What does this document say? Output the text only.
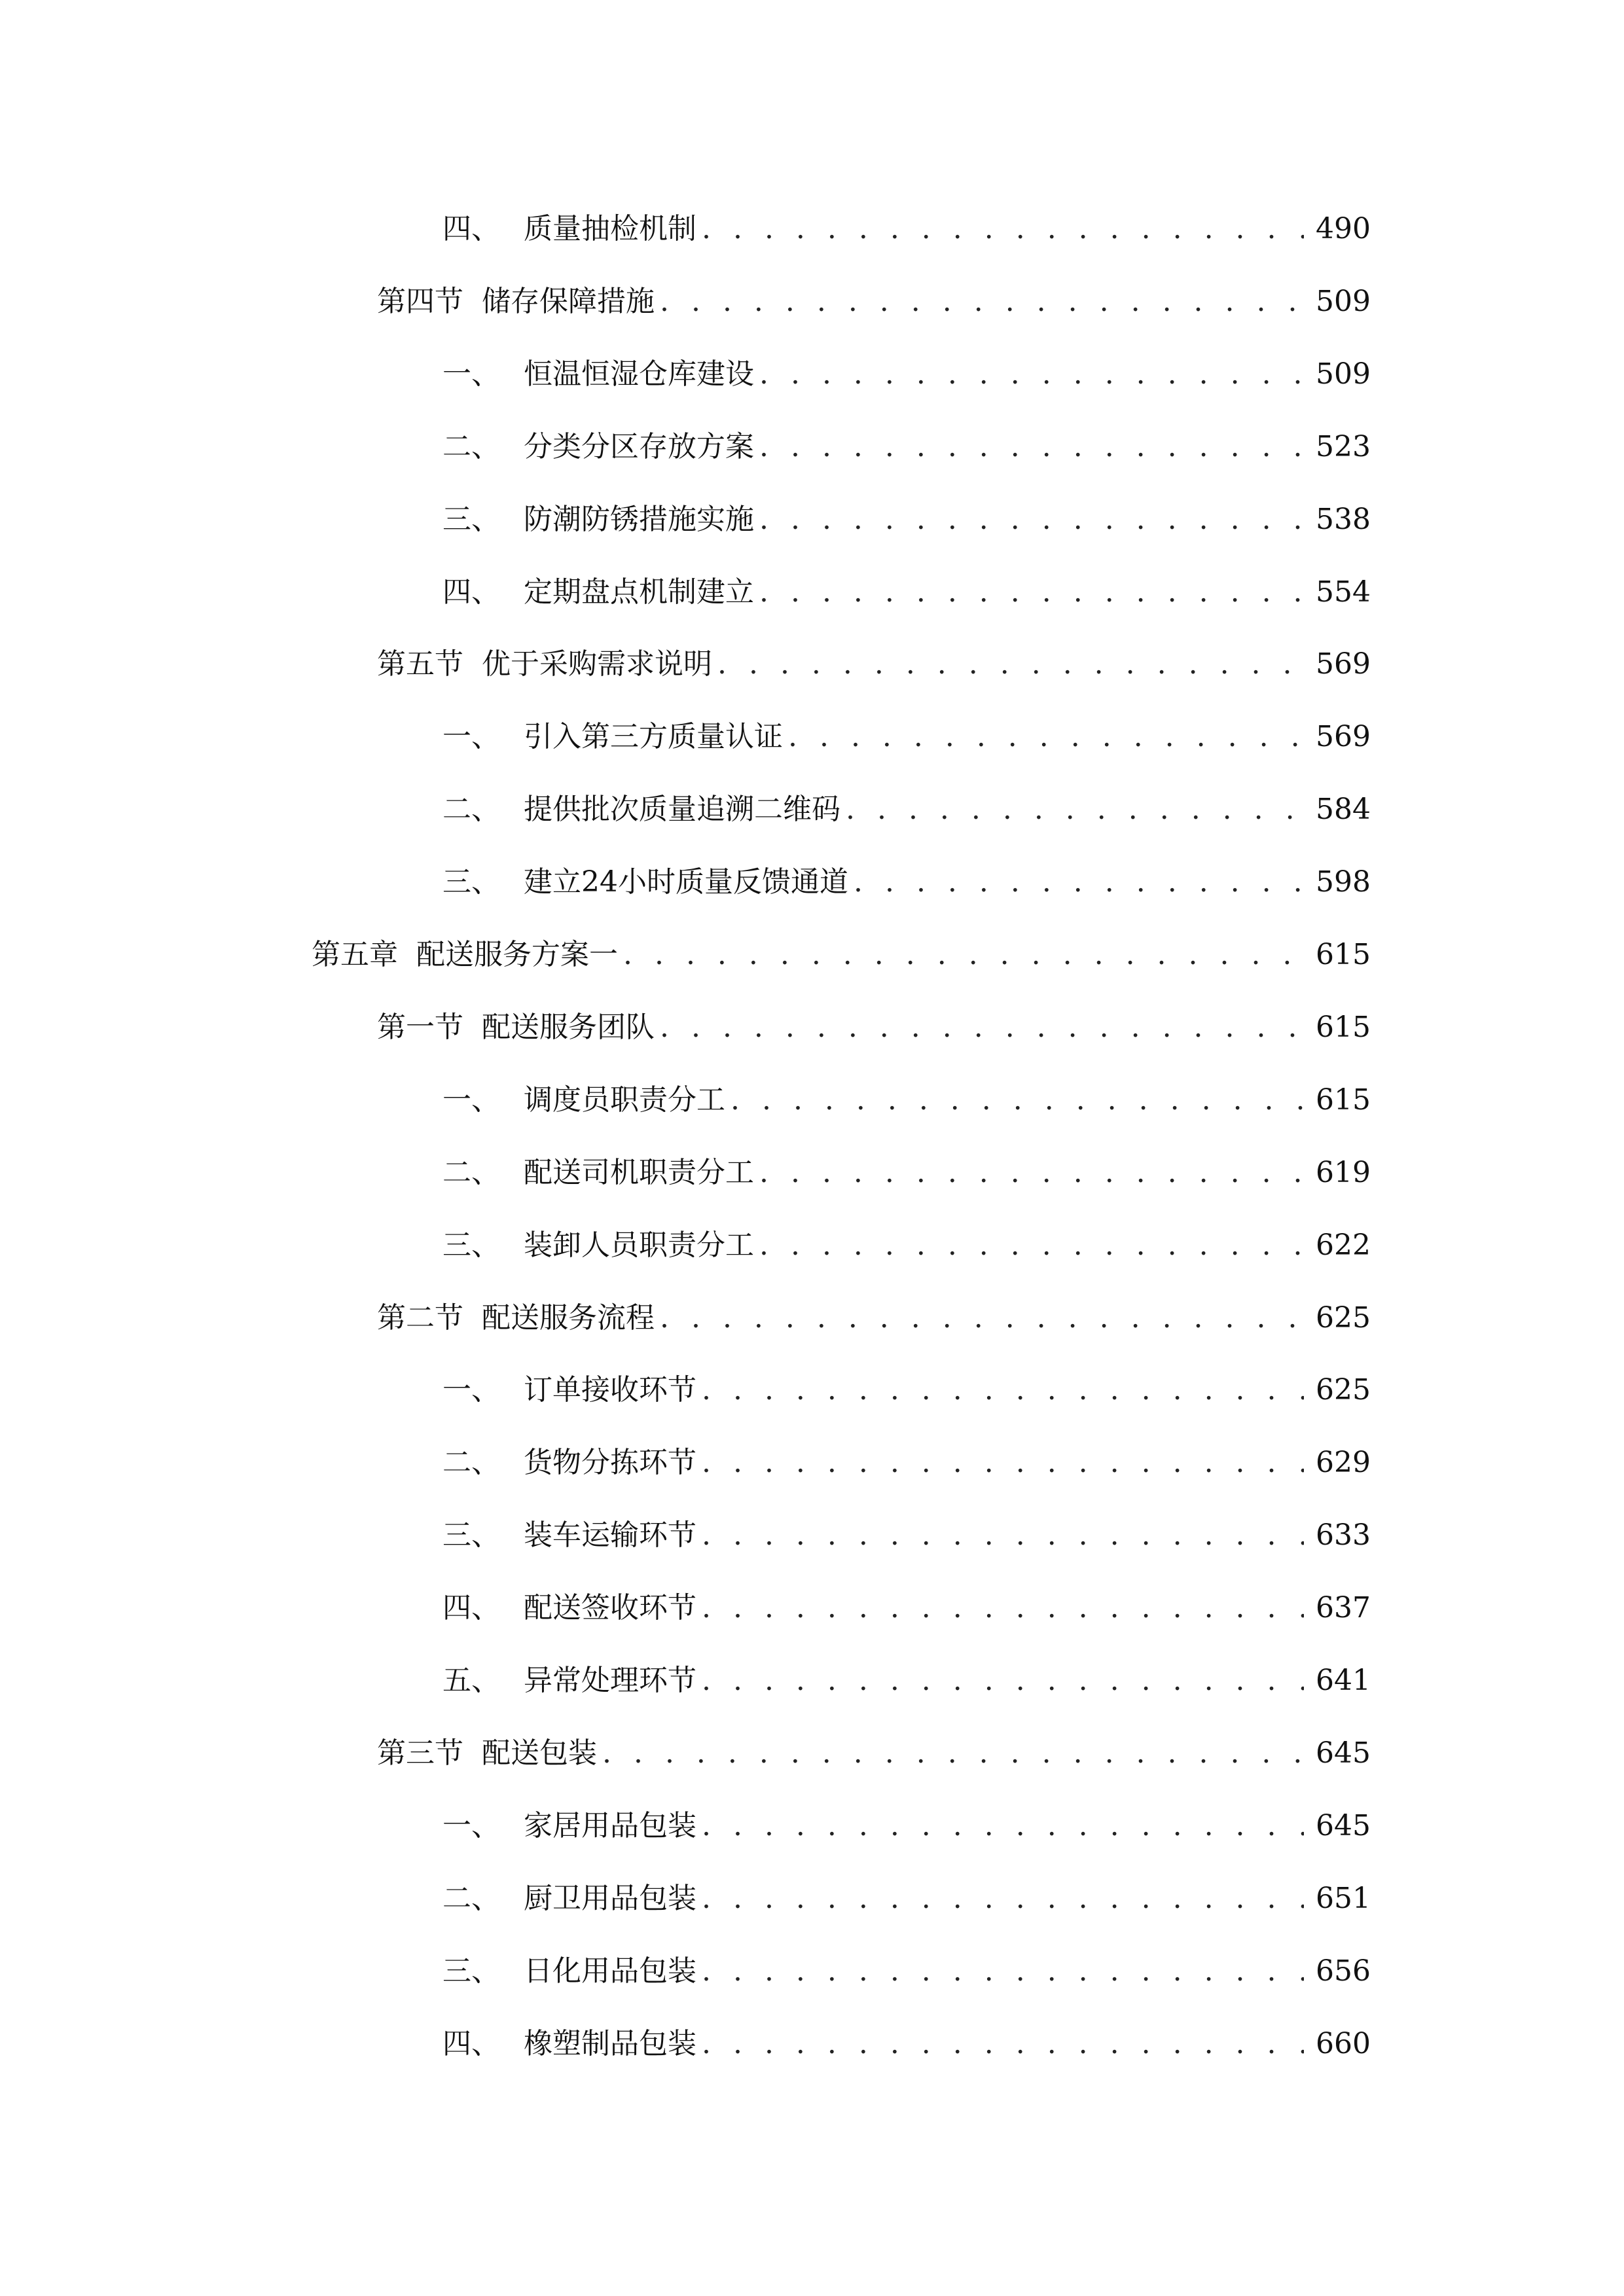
四、 质量抽检机制 . . .	490
第四节 储存保障措施 . . .	509
一、 恒温恒湿仓库建设 . . .	509
二、 分类分区存放方案 . . .	523
三、 防潮防锈措施实施 . . .	538
四、 定期盘点机制建立 . . .	554
第五节 优于采购需求说明 . . .	569
一、 引入第三方质量认证 . . .	569
二、 提供批次质量追溯二维码 . . .	584
三、 建立24小时质量反馈通道 . . .	598
第五章 配送服务方案一 . . .	615
第一节 配送服务团队 . . .	615
一、 调度员职责分工 . . .	615
二、 配送司机职责分工 . . .	619
三、 装卸人员职责分工 . . .	622
第二节 配送服务流程 . . .	625
一、 订单接收环节 . . .	625
二、 货物分拣环节 . . .	629
三、 装车运输环节 . . .	633
四、 配送签收环节 . . .	637
五、 异常处理环节 . . .	641
第三节 配送包装 . . .	645
一、 家居用品包装 . . .	645
二、 厨卫用品包装 . . .	651
三、 日化用品包装 . . .	656
四、 橡塑制品包装 . . .	660
